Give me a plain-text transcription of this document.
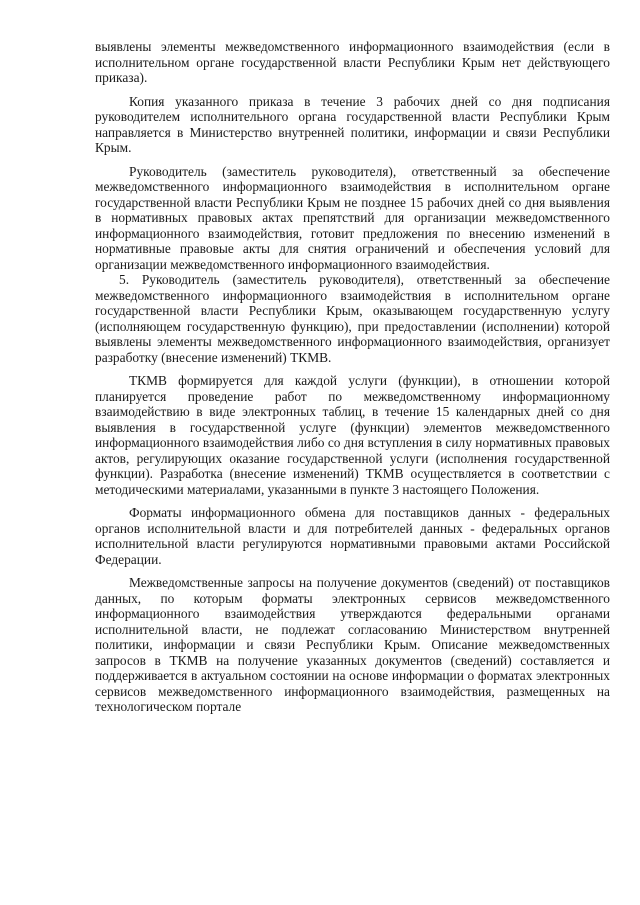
выявлены элементы межведомственного информационного взаимодействия (если в исполнительном органе государственной власти Республики Крым нет действующего приказа).

Копия указанного приказа в течение 3 рабочих дней со дня подписания руководителем исполнительного органа государственной власти Республики Крым направляется в Министерство внутренней политики, информации и связи Республики Крым.

Руководитель (заместитель руководителя), ответственный за обеспечение межведомственного информационного взаимодействия в исполнительном органе государственной власти Республики Крым не позднее 15 рабочих дней со дня выявления в нормативных правовых актах препятствий для организации межведомственного информационного взаимодействия, готовит предложения по внесению изменений в нормативные правовые акты для снятия ограничений и обеспечения условий для организации межведомственного информационного взаимодействия.

5. Руководитель (заместитель руководителя), ответственный за обеспечение межведомственного информационного взаимодействия в исполнительном органе государственной власти Республики Крым, оказывающем государственную услугу (исполняющем государственную функцию), при предоставлении (исполнении) которой выявлены элементы межведомственного информационного взаимодействия, организует разработку (внесение изменений) ТКМВ.

ТКМВ формируется для каждой услуги (функции), в отношении которой планируется проведение работ по межведомственному информационному взаимодействию в виде электронных таблиц, в течение 15 календарных дней со дня выявления в государственной услуге (функции) элементов межведомственного информационного взаимодействия либо со дня вступления в силу нормативных правовых актов, регулирующих оказание государственной услуги (исполнения государственной функции). Разработка (внесение изменений) ТКМВ осуществляется в соответствии с методическими материалами, указанными в пункте 3 настоящего Положения.

Форматы информационного обмена для поставщиков данных - федеральных органов исполнительной власти и для потребителей данных - федеральных органов исполнительной власти регулируются нормативными правовыми актами Российской Федерации.

Межведомственные запросы на получение документов (сведений) от поставщиков данных, по которым форматы электронных сервисов межведомственного информационного взаимодействия утверждаются федеральными органами исполнительной власти, не подлежат согласованию Министерством внутренней политики, информации и связи Республики Крым. Описание межведомственных запросов в ТКМВ на получение указанных документов (сведений) составляется и поддерживается в актуальном состоянии на основе информации о форматах электронных сервисов межведомственного информационного взаимодействия, размещенных на технологическом портале
